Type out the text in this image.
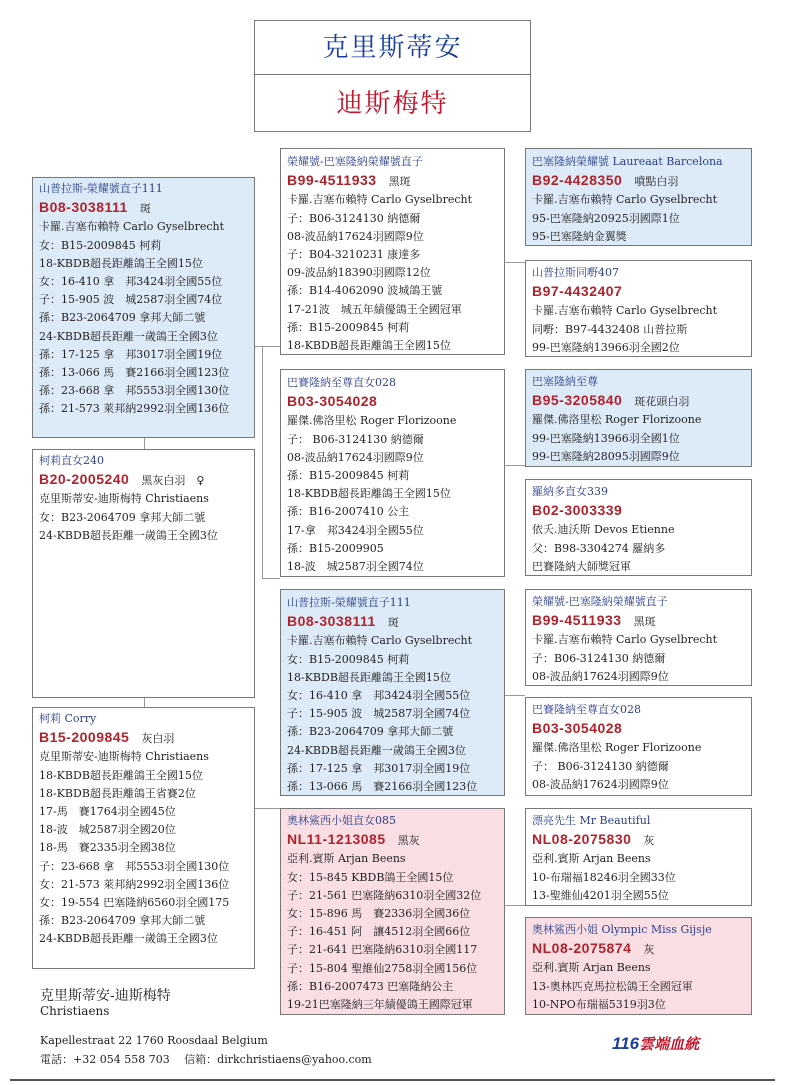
克里斯蒂安
迪斯梅特
山普拉斯-榮耀號直子111
B08-3038111 斑
卡羅.吉塞布賴特 Carlo Gyselbrecht
女：B15-2009845 柯莉
18-KBDB超長距離鴿王全國15位
女：16-410 拿　邦3424羽全國55位
子：15-905 波　城2587羽全國74位
孫：B23-2064709 拿邦大師二號
24-KBDB超長距離一歲鴿王全國3位
孫：17-125 拿　邦3017羽全國19位
孫：13-066 馬　賽2166羽全國123位
孫：23-668 拿　邦5553羽全國130位
孫：21-573 萊邦納2992羽全國136位
柯莉直女240
B20-2005240 黑灰白羽　♀
克里斯蒂安-迪斯梅特 Christiaens
女：B23-2064709 拿邦大師二號
24-KBDB超長距離一歲鴿王全國3位
柯莉 Corry
B15-2009845 灰白羽
克里斯蒂安-迪斯梅特 Christiaens
18-KBDB超長距離鴿王全國15位
18-KBDB超長距離鴿王省賽2位
17-馬　賽1764羽全國45位
18-波　城2587羽全國20位
18-馬　賽2335羽全國38位
子：23-668 拿　邦5553羽全國130位
女：21-573 萊邦納2992羽全國136位
女：19-554 巴塞隆納6560羽全國175
孫：B23-2064709 拿邦大師二號
24-KBDB超長距離一歲鴿王全國3位
榮耀號-巴塞隆納榮耀號直子
B99-4511933 黑斑
卡羅.吉塞布賴特 Carlo Gyselbrecht
子：B06-3124130 納德爾
08-波品納17624羽國際9位
子：B04-3210231 康達多
09-波品納18390羽國際12位
孫：B14-4062090 波城鴿王號
17-21波　城五年績優鴿王全國冠軍
孫：B15-2009845 柯莉
18-KBDB超長距離鴿王全國15位
巴賽隆納至尊直女028
B03-3054028
羅傑.佛洛里松 Roger Florizoone
子： B06-3124130 納德爾
08-波品納17624羽國際9位
孫：B15-2009845 柯莉
18-KBDB超長距離鴿王全國15位
孫：B16-2007410 公主
17-拿　邦3424羽全國55位
孫：B15-2009905
18-波　城2587羽全國74位
山普拉斯-榮耀號直子111
B08-3038111 斑
卡羅.吉塞布賴特 Carlo Gyselbrecht
女：B15-2009845 柯莉
18-KBDB超長距離鴿王全國15位
女：16-410 拿　邦3424羽全國55位
子：15-905 波　城2587羽全國74位
孫：B23-2064709 拿邦大師二號
24-KBDB超長距離一歲鴿王全國3位
孫：17-125 拿　邦3017羽全國19位
孫：13-066 馬　賽2166羽全國123位
奧林鯊西小姐直女085
NL11-1213085 黑灰
亞利.賓斯 Arjan Beens
女：15-845 KBDB鴿王全國15位
子：21-561 巴塞隆納6310羽全國32位
女：15-896 馬　賽2336羽全國36位
子：16-451 阿　讓4512羽全國66位
子：21-641 巴塞隆納6310羽全國117
子：15-804 聖維仙2758羽全國156位
孫：B16-2007473 巴塞隆納公主
19-21巴塞隆納三年績優鴿王國際冠軍
巴塞隆納榮耀號 Laureaat Barcelona
B92-4428350 噴點白羽
卡羅.吉塞布賴特 Carlo Gyselbrecht
95-巴塞隆納20925羽國際1位
95-巴塞隆納金翼獎
山普拉斯同嘢407
B97-4432407
卡羅.吉塞布賴特 Carlo Gyselbrecht
同嘢：B97-4432408 山普拉斯
99-巴塞隆納13966羽全國2位
巴塞隆納至尊
B95-3205840 斑花頭白羽
羅傑.佛洛里松 Roger Florizoone
99-巴塞隆納13966羽全國1位
99-巴塞隆納28095羽國際9位
羅納多直女339
B02-3003339
依夭.迪沃斯 Devos Etienne
父：B98-3304274 羅納多
巴賽隆納大師獎冠軍
榮耀號-巴塞隆納榮耀號直子
B99-4511933 黑斑
卡羅.吉塞布賴特 Carlo Gyselbrecht
子：B06-3124130 納德爾
08-波品納17624羽國際9位
巴賽隆納至尊直女028
B03-3054028
羅傑.佛洛里松 Roger Florizoone
子： B06-3124130 納德爾
08-波品納17624羽國際9位
漂亮先生 Mr Beautiful
NL08-2075830 灰
亞利.賓斯 Arjan Beens
10-布瑞福18246羽全國33位
13-聖維仙4201羽全國55位
奧林鯊西小姐 Olympic Miss Gijsje
NL08-2075874 灰
亞利.賓斯 Arjan Beens
13-奧林匹克馬拉松鴿王全國冠軍
10-NPO布瑞福5319羽3位
克里斯蒂安-迪斯梅特
Christiaens
Kapellestraat 22 1760 Roosdaal Belgium
電話：+32 054 558 703　 信箱：dirkchristiaens@yahoo.com
116雲端血統
